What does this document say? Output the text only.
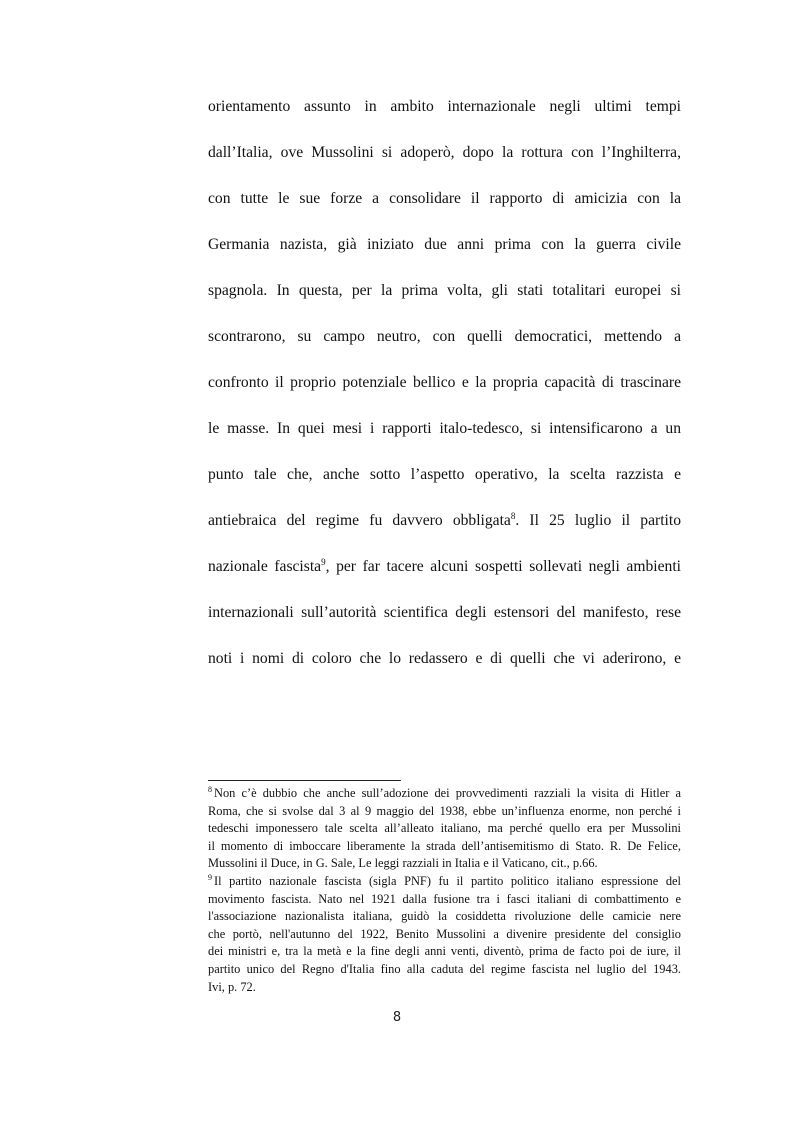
orientamento assunto in ambito internazionale negli ultimi tempi
dall’Italia, ove Mussolini si adoperò, dopo la rottura con l’Inghilterra,
con tutte le sue forze a consolidare il rapporto di amicizia con la
Germania nazista, già iniziato due anni prima con la guerra civile
spagnola. In questa, per la prima volta, gli stati totalitari europei si
scontrarono, su campo neutro, con quelli democratici, mettendo a
confronto il proprio potenziale bellico e la propria capacità di trascinare
le masse. In quei mesi i rapporti italo-tedesco, si intensificarono a un
punto tale che, anche sotto l’aspetto operativo, la scelta razzista e
antiebraica del regime fu davvero obbligata$^8$. Il 25 luglio il partito
nazionale fascista$^9$, per far tacere alcuni sospetti sollevati negli ambienti
internazionali sull’autorità scientifica degli estensori del manifesto, rese
noti i nomi di coloro che lo redassero e di quelli che vi aderirono, e
$^8$ Non c’è dubbio che anche sull’adozione dei provvedimenti razziali la visita di Hitler a
Roma, che si svolse dal 3 al 9 maggio del 1938, ebbe un’influenza enorme, non perché i
tedeschi imponessero tale scelta all’alleato italiano, ma perché quello era per Mussolini
il momento di imboccare liberamente la strada dell’antisemitismo di Stato. R. De Felice,
Mussolini il Duce, in G. Sale, Le leggi razziali in Italia e il Vaticano, cit., p.66.
$^9$ Il partito nazionale fascista (sigla PNF) fu il partito politico italiano espressione del
movimento fascista. Nato nel 1921 dalla fusione tra i fasci italiani di combattimento e
l'associazione nazionalista italiana, guidò la cosiddetta rivoluzione delle camicie nere
che portò, nell'autunno del 1922, Benito Mussolini a divenire presidente del consiglio
dei ministri e, tra la metà e la fine degli anni venti, diventò, prima de facto poi de iure, il
partito unico del Regno d'Italia fino alla caduta del regime fascista nel luglio del 1943.
Ivi, p. 72.
8
